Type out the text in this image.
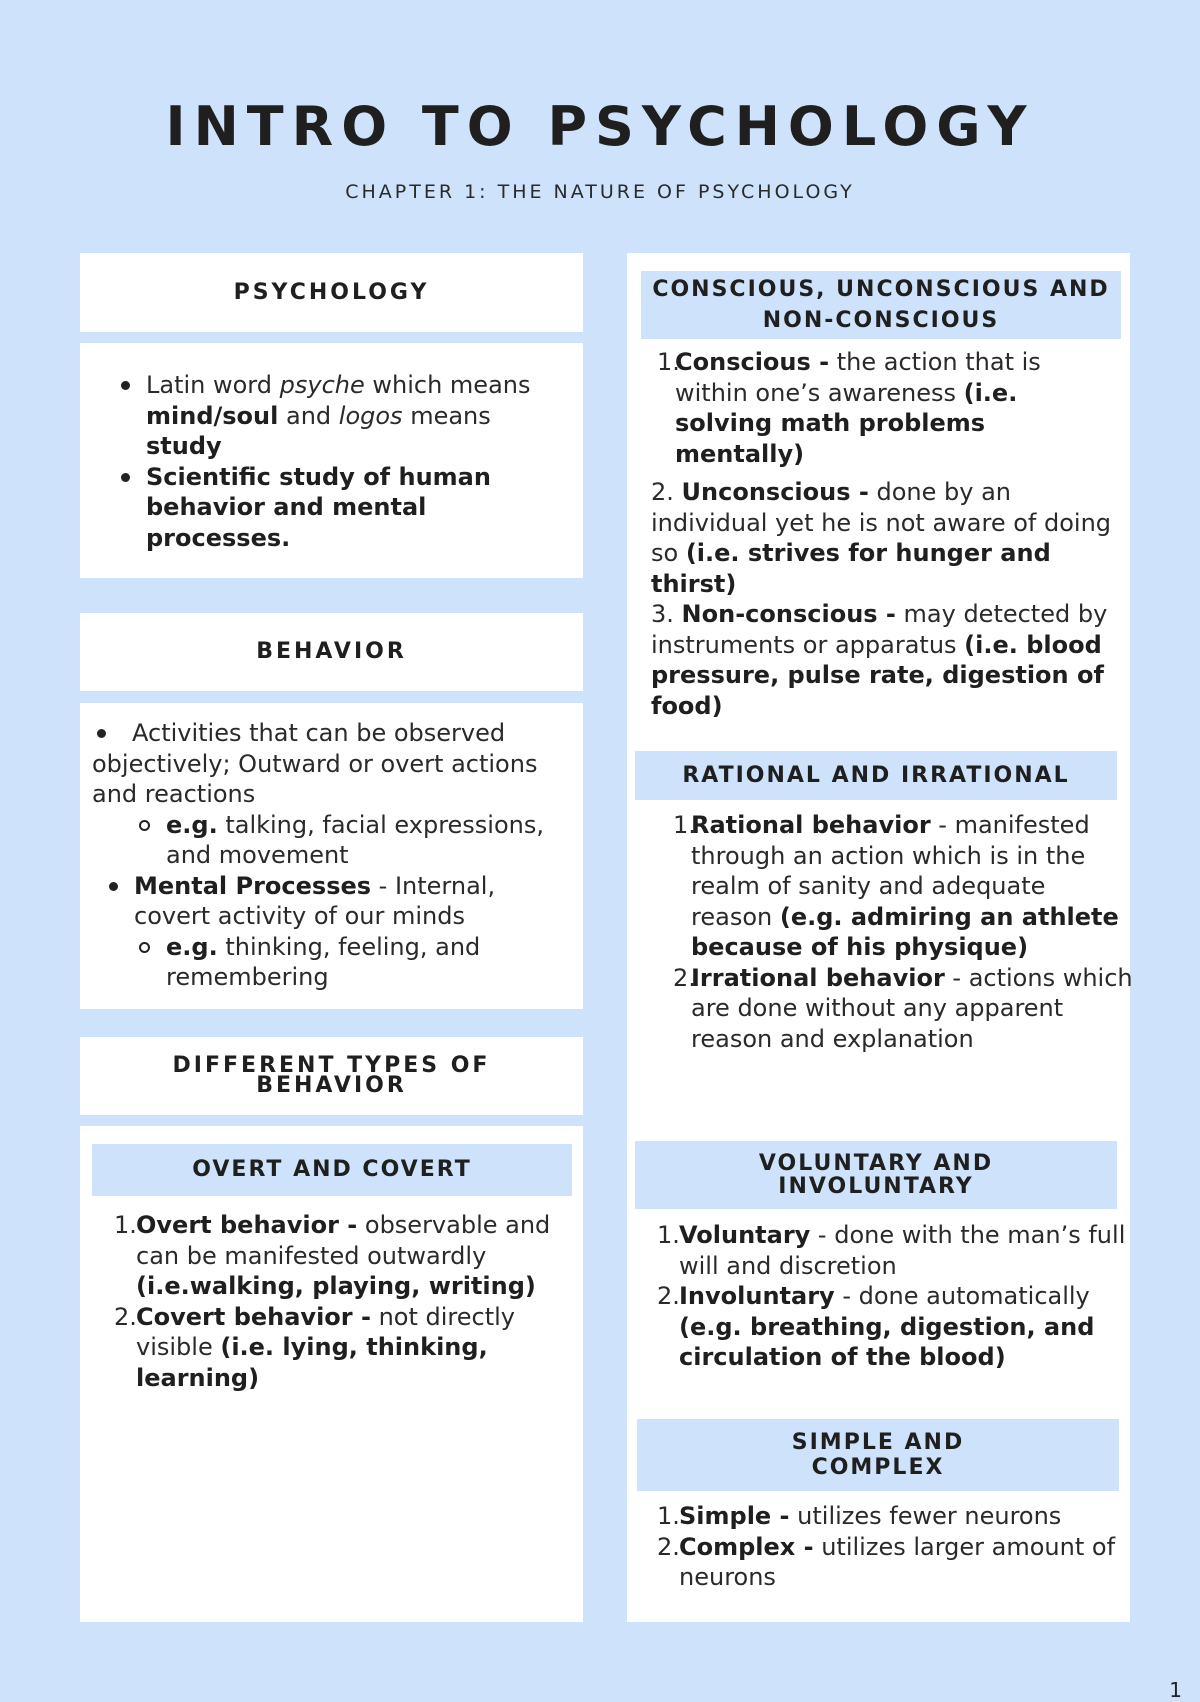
INTRO TO PSYCHOLOGY
CHAPTER 1: THE NATURE OF PSYCHOLOGY
PSYCHOLOGY
Latin word psyche which means mind/soul and logos means study
Scientific study of human behavior and mental processes.
BEHAVIOR
Activities that can be observed objectively; Outward or overt actions and reactions
e.g. talking, facial expressions, and movement
Mental Processes - Internal, covert activity of our minds
e.g. thinking, feeling, and remembering
DIFFERENT TYPES OF
BEHAVIOR
OVERT AND COVERT
1. Overt behavior - observable and can be manifested outwardly (i.e.walking, playing, writing)
2. Covert behavior - not directly visible (i.e. lying, thinking, learning)
CONSCIOUS, UNCONSCIOUS AND
NON-CONSCIOUS
1.
Conscious - the action that is within one’s awareness (i.e. solving math problems mentally)
2. Unconscious - done by an individual yet he is not aware of doing so (i.e. strives for hunger and thirst)
3. Non-conscious - may detected by instruments or apparatus (i.e. blood pressure, pulse rate, digestion of food)
RATIONAL AND IRRATIONAL
1.
Rational behavior - manifested through an action which is in the realm of sanity and adequate reason (e.g. admiring an athlete because of his physique)
2.
Irrational behavior - actions which are done without any apparent reason and explanation
VOLUNTARY AND
INVOLUNTARY
1. Voluntary - done with the man’s full will and discretion
2. Involuntary - done automatically (e.g. breathing, digestion, and circulation of the blood)
SIMPLE AND
COMPLEX
1. Simple - utilizes fewer neurons
2. Complex - utilizes larger amount of neurons
1
